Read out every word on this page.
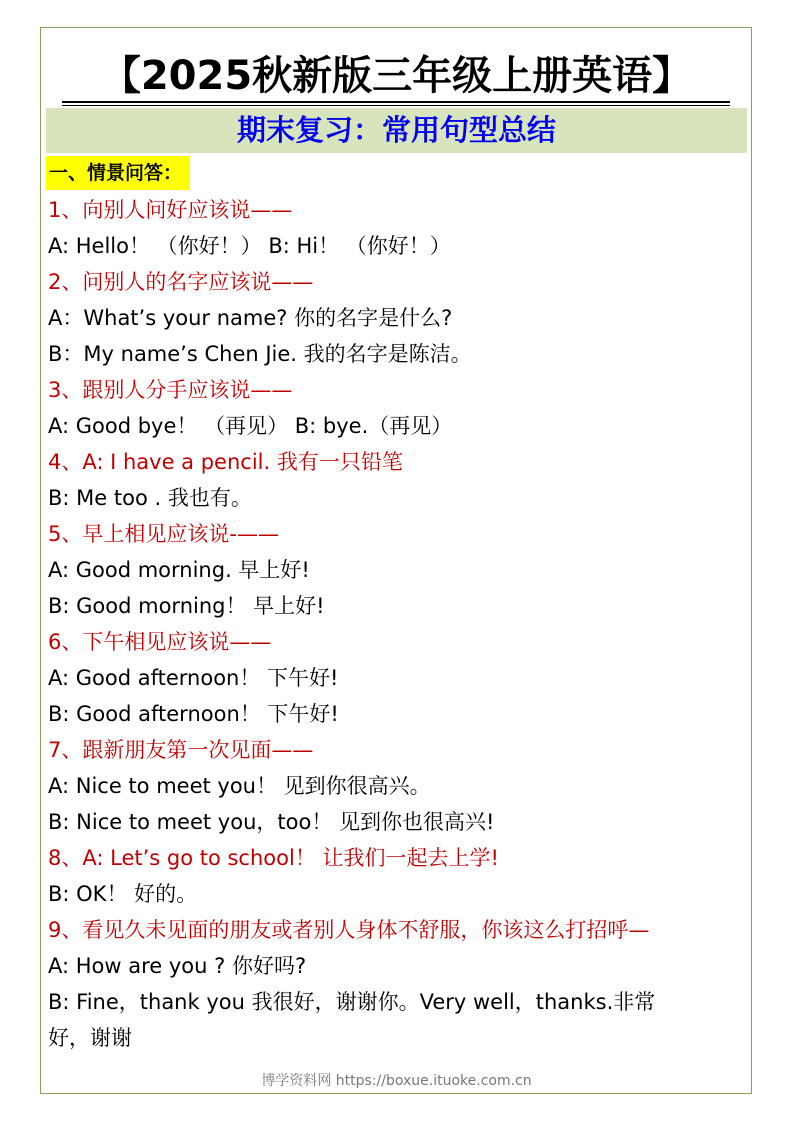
【2025秋新版三年级上册英语】
期末复习：常用句型总结
一、情景问答：
1、向别人问好应该说——
A: Hello！ （你好！） B: Hi！ （你好！）
2、问别人的名字应该说——
A：What’s your name? 你的名字是什么?
B：My name’s Chen Jie. 我的名字是陈洁。
3、跟别人分手应该说——
A: Good bye！ （再见） B: bye.（再见）
4、A: I have a pencil. 我有一只铅笔
B: Me too . 我也有。
5、早上相见应该说-——
A: Good morning. 早上好!
B: Good morning！ 早上好!
6、下午相见应该说——
A: Good afternoon！ 下午好!
B: Good afternoon！ 下午好!
7、跟新朋友第一次见面——
A: Nice to meet you！ 见到你很高兴。
B: Nice to meet you，too！ 见到你也很高兴!
8、A: Let’s go to school！ 让我们一起去上学!
B: OK！ 好的。
9、看见久未见面的朋友或者别人身体不舒服，你该这么打招呼—
A: How are you ? 你好吗?
B: Fine，thank you 我很好，谢谢你。Very well，thanks.非常
好，谢谢
博学资料网 https://boxue.ituoke.com.cn
